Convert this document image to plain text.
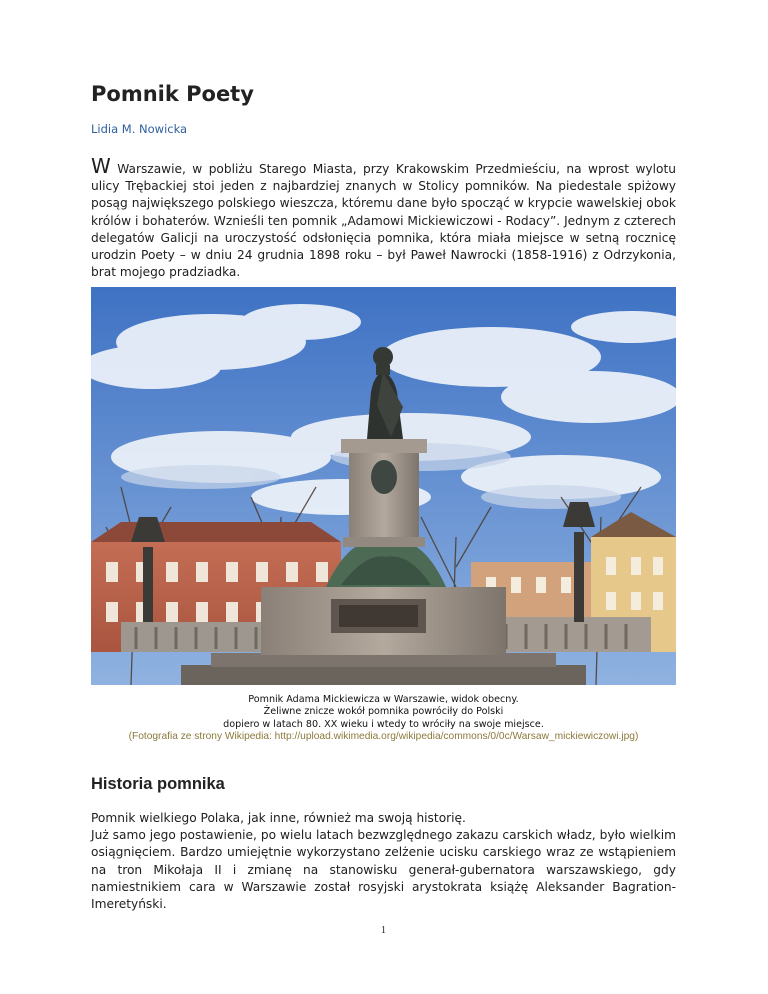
Pomnik Poety
Lidia M. Nowicka

W Warszawie, w pobliżu Starego Miasta, przy Krakowskim Przedmieściu, na wprost wylotu ulicy Trębackiej stoi jeden z najbardziej znanych w Stolicy pomników. Na piedestale spiżowy posąg największego polskiego wieszcza, któremu dane było spocząć w krypcie wawelskiej obok królów i bohaterów. Wznieśli ten pomnik „Adamowi Mickiewiczowi - Rodacy”. Jednym z czterech delegatów Galicji na uroczystość odsłonięcia pomnika, która miała miejsce w setną rocznicę urodzin Poety – w dniu 24 grudnia 1898 roku – był Paweł Nawrocki (1858-1916) z Odrzykonia, brat mojego pradziadka.

Pomnik Adama Mickiewicza w Warszawie, widok obecny.
Żeliwne znicze wokół pomnika powróciły do Polski
dopiero w latach 80. XX wieku i wtedy to wróciły na swoje miejsce.
(Fotografia ze strony Wikipedia: http://upload.wikimedia.org/wikipedia/commons/0/0c/Warsaw_mickiewiczowi.jpg)
Historia pomnika

Pomnik wielkiego Polaka, jak inne, również ma swoją historię.
Już samo jego postawienie, po wielu latach bezwzględnego zakazu carskich władz, było wielkim osiągnięciem. Bardzo umiejętnie wykorzystano zelżenie ucisku carskiego wraz ze wstąpieniem na tron Mikołaja II i zmianę na stanowisku generał-gubernatora warszawskiego, gdy namiestnikiem cara w Warszawie został rosyjski arystokrata książę Aleksander Bagration-Imeretyński.

1
